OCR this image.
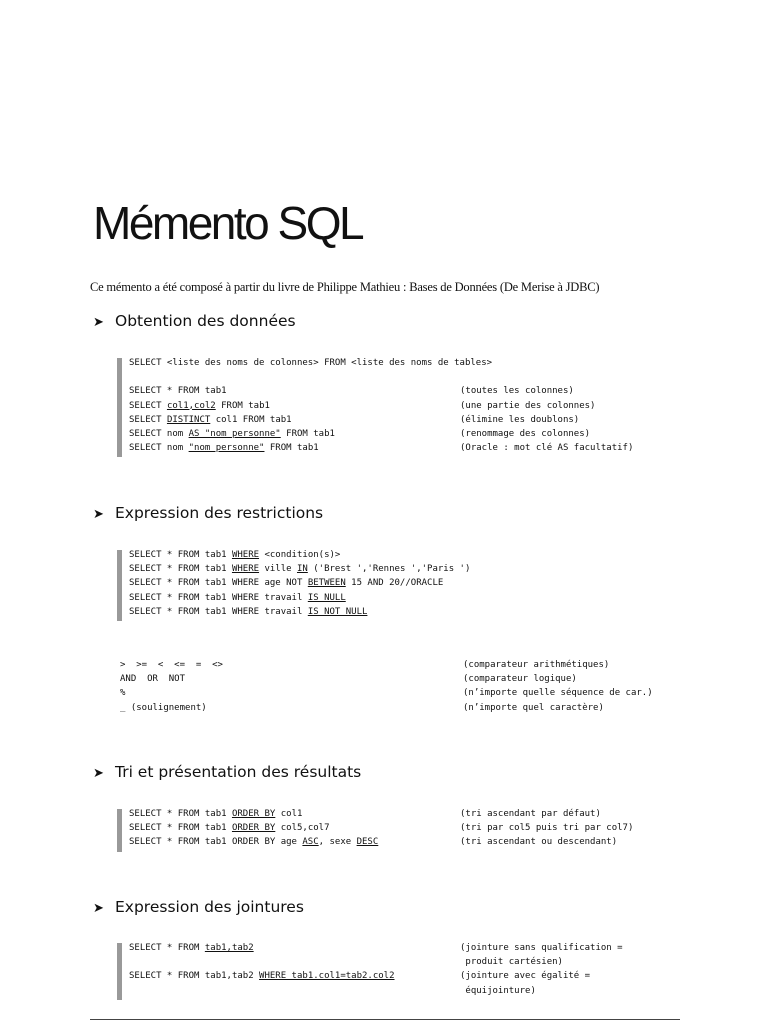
Mémento SQL

Ce mémento a été composé à partir du livre de Philippe Mathieu : Bases de Données (De Merise à JDBC)

➤ Obtention des données
SELECT <liste des noms de colonnes> FROM <liste des noms de tables>
SELECT * FROM tab1	(toutes les colonnes)
SELECT col1,col2 FROM tab1	(une partie des colonnes)
SELECT DISTINCT col1 FROM tab1	(élimine les doublons)
SELECT nom AS "nom personne" FROM tab1	(renommage des colonnes)
SELECT nom "nom personne" FROM tab1	(Oracle : mot clé AS facultatif)
➤ Expression des restrictions
SELECT * FROM tab1 WHERE <condition(s)>
SELECT * FROM tab1 WHERE ville IN ('Brest ','Rennes ','Paris ')
SELECT * FROM tab1 WHERE age NOT BETWEEN 15 AND 20//ORACLE
SELECT * FROM tab1 WHERE travail IS NULL
SELECT * FROM tab1 WHERE travail IS NOT NULL
>  >=  <  <=  =  <>	(comparateur arithmétiques)
AND  OR  NOT	(comparateur logique)
%	(n’importe quelle séquence de car.)
_ (soulignement)	(n’importe quel caractère)
➤ Tri et présentation des résultats
SELECT * FROM tab1 ORDER BY col1	(tri ascendant par défaut)
SELECT * FROM tab1 ORDER BY col5,col7	(tri par col5 puis tri par col7)
SELECT * FROM tab1 ORDER BY age ASC, sexe DESC	(tri ascendant ou descendant)
➤ Expression des jointures
SELECT * FROM tab1,tab2	(jointure sans qualification =
produit cartésien)
SELECT * FROM tab1,tab2 WHERE tab1.col1=tab2.col2	(jointure avec égalité =
équijointure)
